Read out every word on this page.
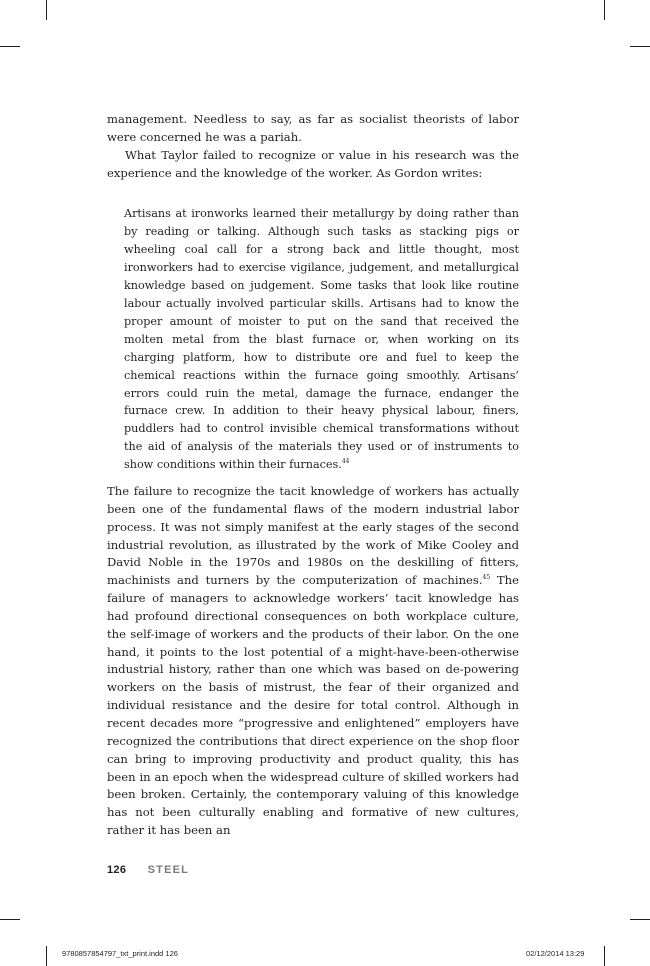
management. Needless to say, as far as socialist theorists of labor were concerned he was a pariah.

What Taylor failed to recognize or value in his research was the experience and the knowledge of the worker. As Gordon writes:

Artisans at ironworks learned their metallurgy by doing rather than by reading or talking. Although such tasks as stacking pigs or wheeling coal call for a strong back and little thought, most ironworkers had to exercise vigilance, judgement, and metallurgical knowledge based on judgement. Some tasks that look like routine labour actually involved particular skills. Artisans had to know the proper amount of moister to put on the sand that received the molten metal from the blast furnace or, when working on its charging platform, how to distribute ore and fuel to keep the chemical reactions within the furnace going smoothly. Artisans’ errors could ruin the metal, damage the furnace, endanger the furnace crew. In addition to their heavy physical labour, finers, puddlers had to control invisible chemical transformations without the aid of analysis of the materials they used or of instruments to show conditions within their furnaces.$^{44}$

The failure to recognize the tacit knowledge of workers has actually been one of the fundamental flaws of the modern industrial labor process. It was not simply manifest at the early stages of the second industrial revolution, as illustrated by the work of Mike Cooley and David Noble in the 1970s and 1980s on the deskilling of fitters, machinists and turners by the computerization of machines.$^{45}$ The failure of managers to acknowledge workers’ tacit knowledge has had profound directional consequences on both workplace culture, the self-image of workers and the products of their labor. On the one hand, it points to the lost potential of a might-have-been-otherwise industrial history, rather than one which was based on de-powering workers on the basis of mistrust, the fear of their organized and individual resistance and the desire for total control. Although in recent decades more “progressive and enlightened” employers have recognized the contributions that direct experience on the shop floor can bring to improving productivity and product quality, this has been in an epoch when the widespread culture of skilled workers had been broken. Certainly, the contemporary valuing of this knowledge has not been culturally enabling and formative of new cultures, rather it has been an

126 STEEL
9780857854797_txt_print.indd 126	02/12/2014 13:29
